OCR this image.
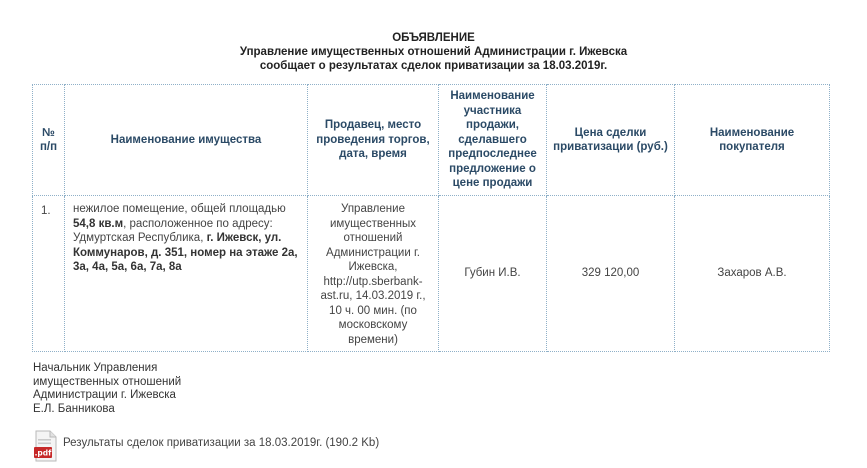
ОБЪЯВЛЕНИЕ
Управление имущественных отношений Администрации г. Ижевска
сообщает о результатах сделок приватизации за 18.03.2019г.
№ п/п	Наименование имущества	Продавец, место проведения торгов, дата, время	Наименование участника продажи, сделавшего предпоследнее предложение о цене продажи	Цена сделки приватизации (руб.)	Наименование покупателя
1.	нежилое помещение, общей площадью 54,8 кв.м, расположенное по адресу: Удмуртская Республика, г. Ижевск, ул. Коммунаров, д. 351, номер на этаже 2а, 3а, 4а, 5а, 6а, 7а, 8а	Управление имущественных отношений Администрации г. Ижевска, http://utp.sberbank-ast.ru, 14.03.2019 г., 10 ч. 00 мин. (по московскому времени)	Губин И.В.	329 120,00	Захаров А.В.
Начальник Управления
имущественных отношений
Администрации г. Ижевска
Е.Л. Банникова
.pdf
Результаты сделок приватизации за 18.03.2019г. (190.2 Kb)
